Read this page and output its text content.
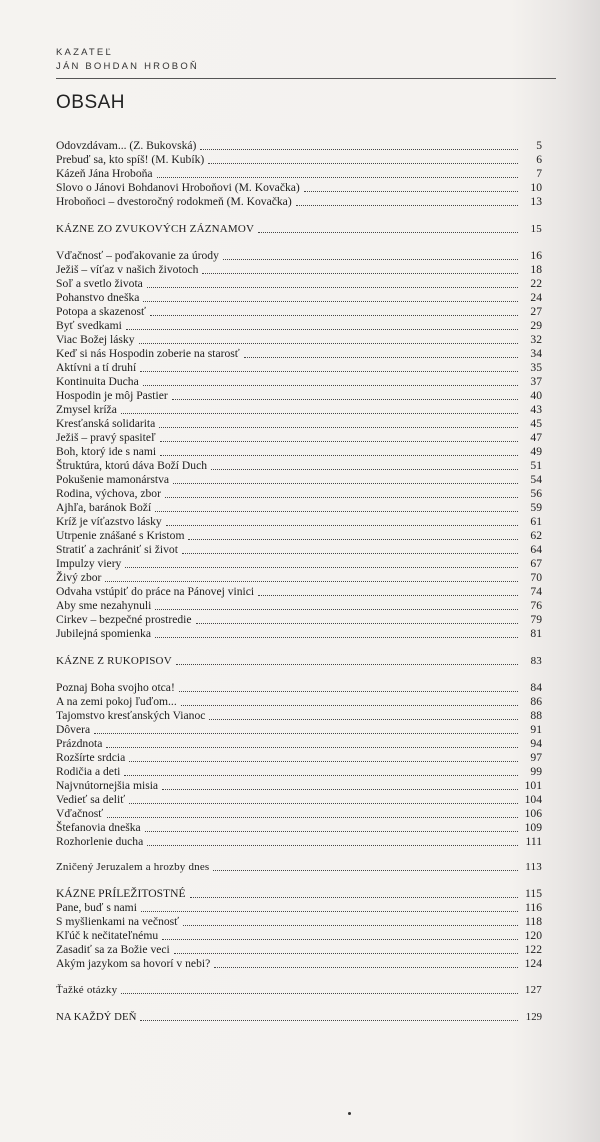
KAZATEĽ
JÁN BOHDAN HROBOŇ
OBSAH
Odovzdávam... (Z. Bukovská)	5
Prebuď sa, kto spíš! (M. Kubík)	6
Kázeň Jána Hroboňa	7
Slovo o Jánovi Bohdanovi Hroboňovi (M. Kovačka)	10
Hroboňoci – dvestoročný rodokmeň (M. Kovačka)	13
KÁZNE ZO ZVUKOVÝCH ZÁZNAMOV	15
Vďačnosť – poďakovanie za úrody	16
Ježiš – víťaz v našich životoch	18
Soľ a svetlo života	22
Pohanstvo dneška	24
Potopa a skazenosť	27
Byť svedkami	29
Viac Božej lásky	32
Keď si nás Hospodin zoberie na starosť	34
Aktívni a tí druhí	35
Kontinuita Ducha	37
Hospodin je môj Pastier	40
Zmysel kríža	43
Kresťanská solidarita	45
Ježiš – pravý spasiteľ	47
Boh, ktorý ide s nami	49
Štruktúra, ktorú dáva Boží Duch	51
Pokušenie mamonárstva	54
Rodina, výchova, zbor	56
Ajhľa, baránok Boží	59
Kríž je víťazstvo lásky	61
Utrpenie znášané s Kristom	62
Stratiť a zachrániť si život	64
Impulzy viery	67
Živý zbor	70
Odvaha vstúpiť do práce na Pánovej vinici	74
Aby sme nezahynuli	76
Cirkev – bezpečné prostredie	79
Jubilejná spomienka	81
KÁZNE Z RUKOPISOV	83
Poznaj Boha svojho otca!	84
A na zemi pokoj ľuďom...	86
Tajomstvo kresťanských Vianoc	88
Dôvera	91
Prázdnota	94
Rozšírte srdcia	97
Rodičia a deti	99
Najvnútornejšia misia	101
Vedieť sa deliť	104
Vďačnosť	106
Štefanovia dneška	109
Rozhorlenie ducha	111
Zničený Jeruzalem a hrozby dnes	113
KÁZNE PRÍLEŽITOSTNÉ	115
Pane, buď s nami	116
S myšlienkami na večnosť	118
Kľúč k nečitateľnému	120
Zasadiť sa za Božie veci	122
Akým jazykom sa hovorí v nebi?	124
Ťažké otázky	127
NA KAŽDÝ DEŇ	129
